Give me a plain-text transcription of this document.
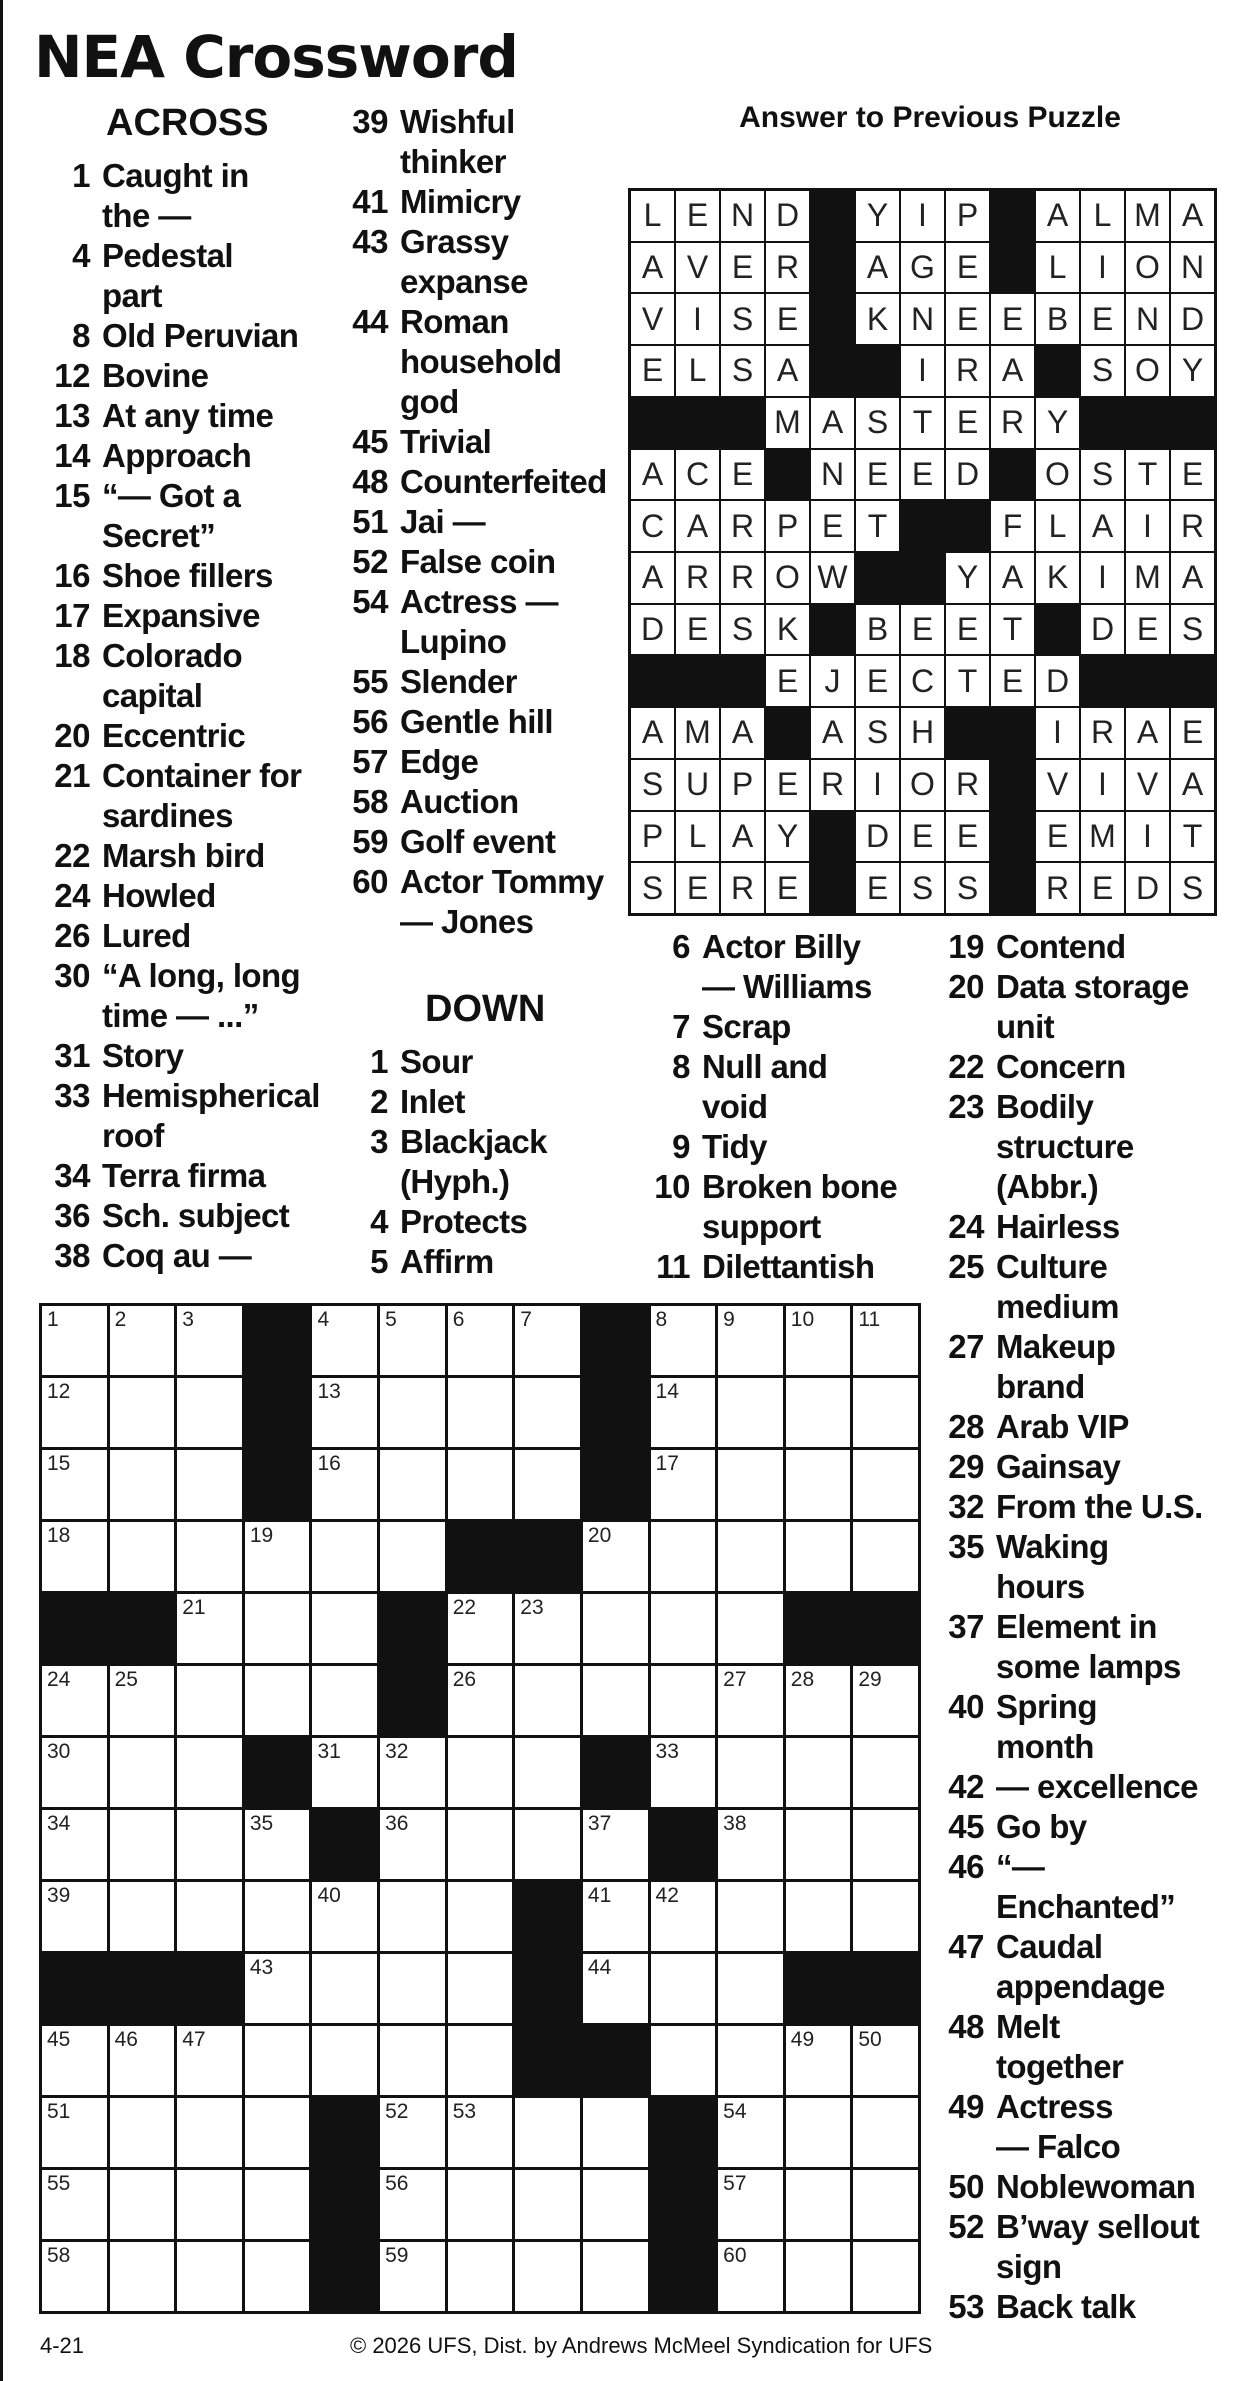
NEA Crossword
ACROSS
DOWN
Answer to Previous Puzzle
1 Caught in
the —
4 Pedestal
part
8 Old Peruvian
12 Bovine
13 At any time
14 Approach
15 “— Got a
Secret”
16 Shoe fillers
17 Expansive
18 Colorado
capital
20 Eccentric
21 Container for
sardines
22 Marsh bird
24 Howled
26 Lured
30 “A long, long
time — ...”
31 Story
33 Hemispherical
roof
34 Terra firma
36 Sch. subject
38 Coq au —
39 Wishful
thinker
41 Mimicry
43 Grassy
expanse
44 Roman
household
god
45 Trivial
48 Counterfeited
51 Jai —
52 False coin
54 Actress —
Lupino
55 Slender
56 Gentle hill
57 Edge
58 Auction
59 Golf event
60 Actor Tommy
— Jones
1 Sour
2 Inlet
3 Blackjack
(Hyph.)
4 Protects
5 Affirm
6 Actor Billy
— Williams
7 Scrap
8 Null and
void
9 Tidy
10 Broken bone
support
11 Dilettantish
19 Contend
20 Data storage
unit
22 Concern
23 Bodily
structure
(Abbr.)
24 Hairless
25 Culture
medium
27 Makeup
brand
28 Arab VIP
29 Gainsay
32 From the U.S.
35 Waking
hours
37 Element in
some lamps
40 Spring
month
42 — excellence
45 Go by
46 “—
Enchanted”
47 Caudal
appendage
48 Melt
together
49 Actress
— Falco
50 Noblewoman
52 B’way sellout
sign
53 Back talk
L E N D	Y I P	A L M A
A V E R	A G E	L I O N
V I S E	K N E E B E N D
E L S A	I R A	S O Y
M A S T E R Y
A C E	N E E D	O S T E
C A R P E T	F L A I R
A R R O W	Y A K I M A
D E S K	B E E T	D E S
E J E C T E D
A M A	A S H	I R A E
S U P E R I O R	V I V A
P L A Y	D E E	E M I T
S E R E	E S S	R E D S
1	2	3	4	5	6	7	8	9	10 11
12	13	14
15	16	17
18	19	20
21	22 23
24 25	26	27 28 29
30	31 32	33
34	35	36	37	38
39	40	41 42
43	44
45 46 47	49 50
51	52 53	54
55	56	57
58	59	60
4-21	© 2026 UFS, Dist. by Andrews McMeel Syndication for UFS
